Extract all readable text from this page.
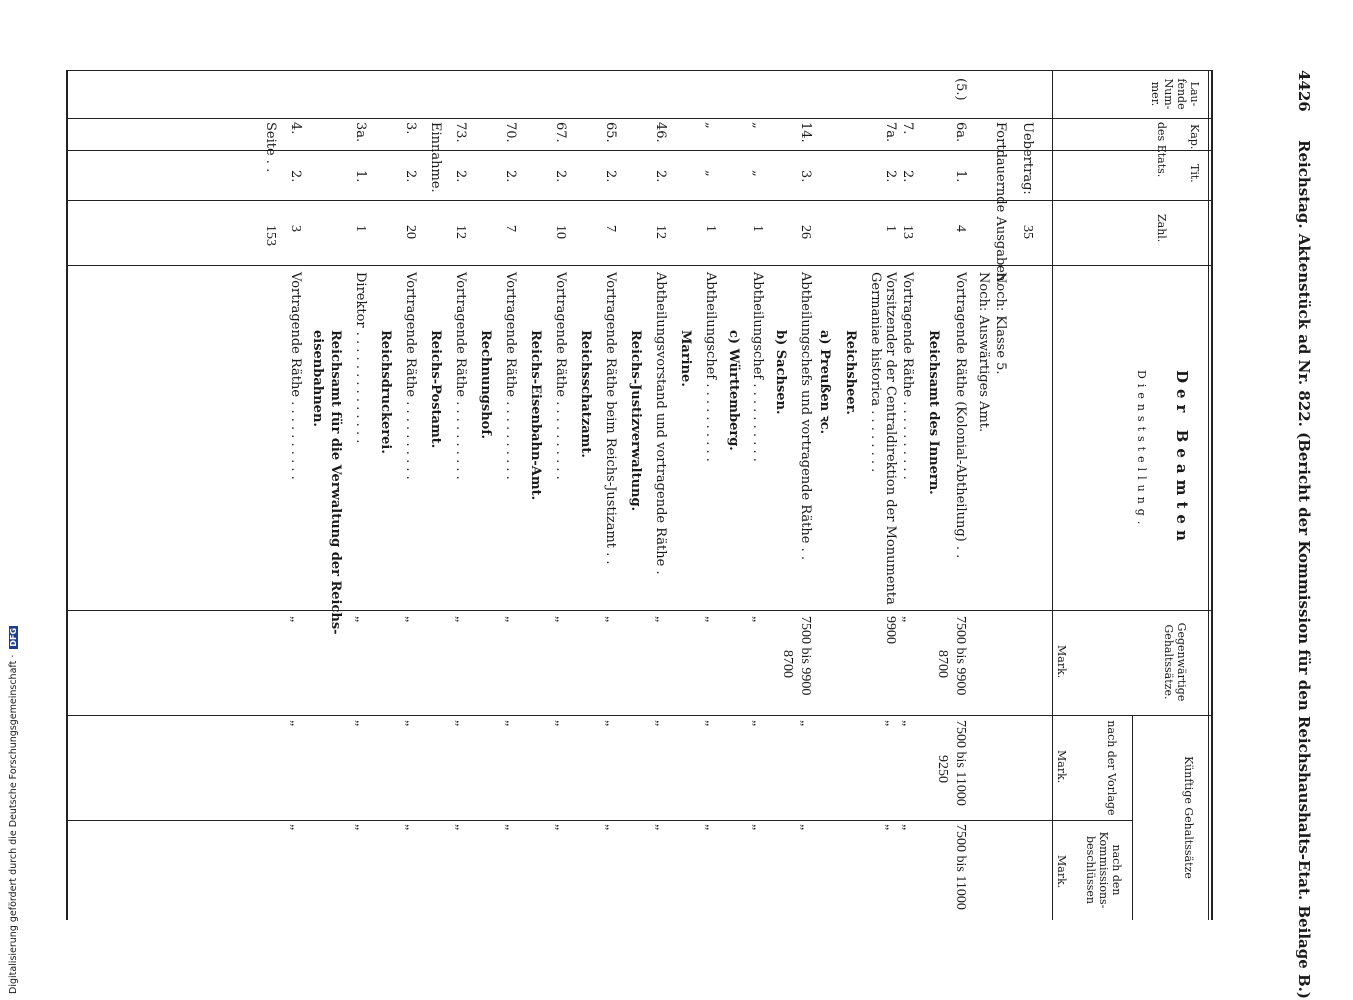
4426
Reichstag. Aktenstück ad Nr. 822. (Bericht der Kommission für den Reichshaushalts-Etat. Beilage B.)
Lau-fende Num-mer.
Kap.
Tit.
des Etats.
Zahl.
Der Beamten
Dienststellung.
Gegenwärtige Gehaltssätze.
Künftige Gehaltssätze
nach der Vorlage
nach den Kommissions-beschlüssen
Mark.
Mark.
Mark.
Uebertrag:
35
Fortdauernde Ausgaben.
Noch: Klasse 5.
Noch: Auswärtiges Amt.
(5.)
6a.
1.
4
Vortragende Räthe (Kolonial-Abtheilung) . .
7500 bis 9900
8700
7500 bis 11000
9250
7500 bis 11000
Reichsamt des Innern.
7.
2.
13
Vortragende Räthe . . . . . . . . . .
„
„
„
7a.
2.
1
Vorsitzender der Centraldirektion der Monumenta
9900
„
„
Germaniae historica . . . . . . . .
Reichsheer.
a) Preußen ꝛc.
14.
3.
26
Abtheilungschefs und vortragende Räthe . .
7500 bis 9900
8700
„
„
b) Sachsen.
„
„
1
Abtheilungschef . . . . . . . . . .
„
„
„
c) Württemberg.
„
„
1
Abtheilungschef . . . . . . . . . .
„
„
„
Marine.
46.
2.
12
Abtheilungsvorstand und vortragende Räthe .
„
„
„
Reichs-Justizverwaltung.
65.
2.
7
Vortragende Räthe beim Reichs-Justizamt . .
„
„
„
Reichsschatzamt.
67.
2.
10
Vortragende Räthe . . . . . . . . . .
„
„
„
Reichs-Eisenbahn-Amt.
70.
2.
7
Vortragende Räthe . . . . . . . . . .
„
„
„
Rechnungshof.
73.
2.
12
Vortragende Räthe . . . . . . . . . .
„
„
„
Einnahme.
Reichs-Postamt.
3.
2.
20
Vortragende Räthe . . . . . . . . . .
„
„
„
Reichsdruckerei.
3a.
1.
1
Direktor . . . . . . . . . . . . . .
„
„
„
Reichsamt für die Verwaltung der Reichs-
eisenbahnen.
4.
2.
3
Vortragende Räthe . . . . . . . . . .
„
„
„
Seite . .
153
Digitalisierung gefördert durch die Deutsche Forschungsgemeinschaft · DFG
